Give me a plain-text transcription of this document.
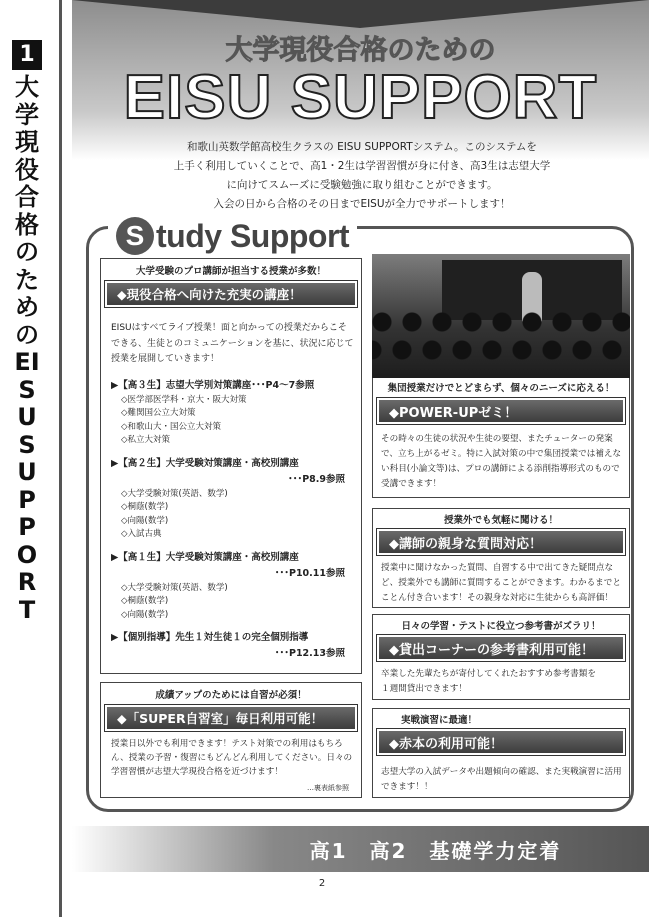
1
大学現役合格のためのEISUSUPPORT
大学現役合格のための
EISU SUPPORT
和歌山英数学館高校生クラスの EISU SUPPORTシステム。このシステムを
上手く利用していくことで、高1・2生は学習習慣が身に付き、高3生は志望大学
に向けてスムーズに受験勉強に取り組むことができます。
入会の日から合格のその日までEISUが全力でサポートします！
S tudy Support
大学受験のプロ講師が担当する授業が多数！
◆現役合格へ向けた充実の講座！
EISUはすべてライブ授業！面と向かっての授業だからこそできる、生徒とのコミュニケーションを基に、状況に応じて授業を展開していきます！
▶【高３生】志望大学別対策講座･･･P4〜7参照
◇医学部医学科・京大・阪大対策
◇難関国公立大対策
◇和歌山大・国公立大対策
◇私立大対策
▶【高２生】大学受験対策講座・高校別講座
･･･P8.9参照
◇大学受験対策(英語、数学)
◇桐蔭(数学)
◇向陽(数学)
◇入試古典
▶【高１生】大学受験対策講座・高校別講座
･･･P10.11参照
◇大学受験対策(英語、数学)
◇桐蔭(数学)
◇向陽(数学)
▶【個別指導】先生１対生徒１の完全個別指導
･･･P12.13参照
成績アップのためには自習が必須！
◆「SUPER自習室」毎日利用可能！
授業日以外でも利用できます！テスト対策での利用はもちろん、授業の予習・復習にもどんどん利用してください。日々の学習習慣が志望大学現役合格を近づけます！
…裏表紙参照
集団授業だけでとどまらず、個々のニーズに応える！
◆POWER-UPゼミ！
その時々の生徒の状況や生徒の要望、またチューターの発案で、立ち上がるゼミ。特に入試対策の中で集団授業では補えない科目(小論文等)は、プロの講師による添削指導形式のもので受講できます！
授業外でも気軽に聞ける！
◆講師の親身な質問対応！
授業中に聞けなかった質問、自習する中で出てきた疑問点など、授業外でも講師に質問することができます。わかるまでとことん付き合います！その親身な対応に生徒からも高評価！
日々の学習・テストに役立つ参考書がズラリ！
◆貸出コーナーの参考書利用可能！
卒業した先輩たちが寄付してくれたおすすめ参考書類を１週間貸出できます！
実戦演習に最適！
◆赤本の利用可能！
志望大学の入試データや出題傾向の確認、また実戦演習に活用できます！！
高1　高2　基礎学力定着
2
